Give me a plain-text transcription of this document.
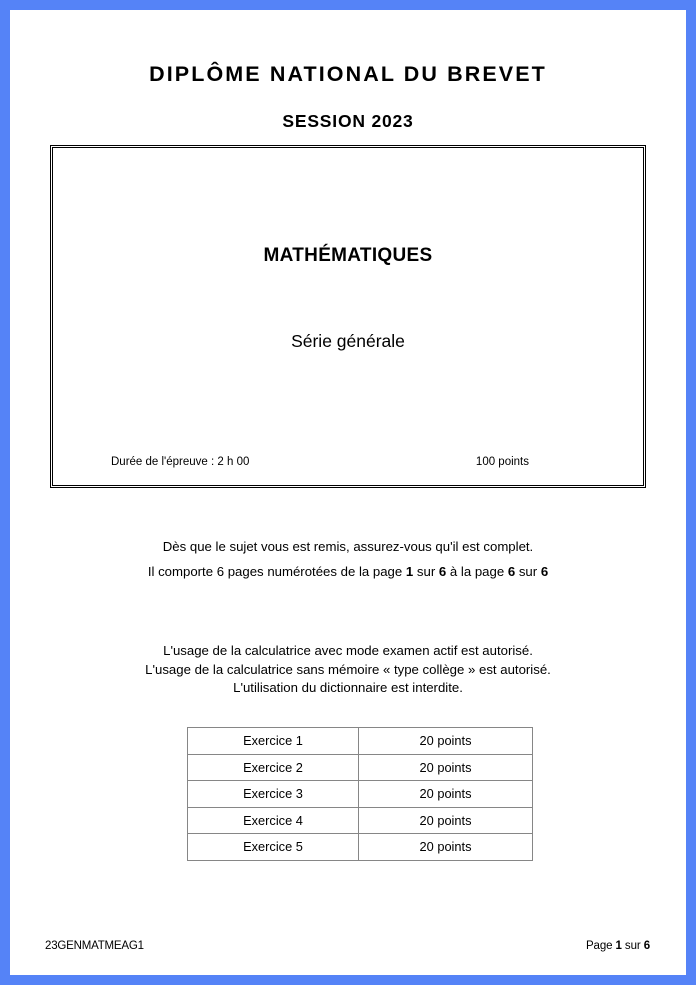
DIPLÔME NATIONAL DU BREVET
SESSION 2023
MATHÉMATIQUES
Série générale
Durée de l'épreuve : 2 h 00	100 points
Dès que le sujet vous est remis, assurez-vous qu'il est complet.
Il comporte 6 pages numérotées de la page 1 sur 6 à la page 6 sur 6
L'usage de la calculatrice avec mode examen actif est autorisé.
L'usage de la calculatrice sans mémoire « type collège » est autorisé.
L'utilisation du dictionnaire est interdite.
Exercice 1	20 points
Exercice 2	20 points
Exercice 3	20 points
Exercice 4	20 points
Exercice 5	20 points
23GENMATMEAG1	Page 1 sur 6
